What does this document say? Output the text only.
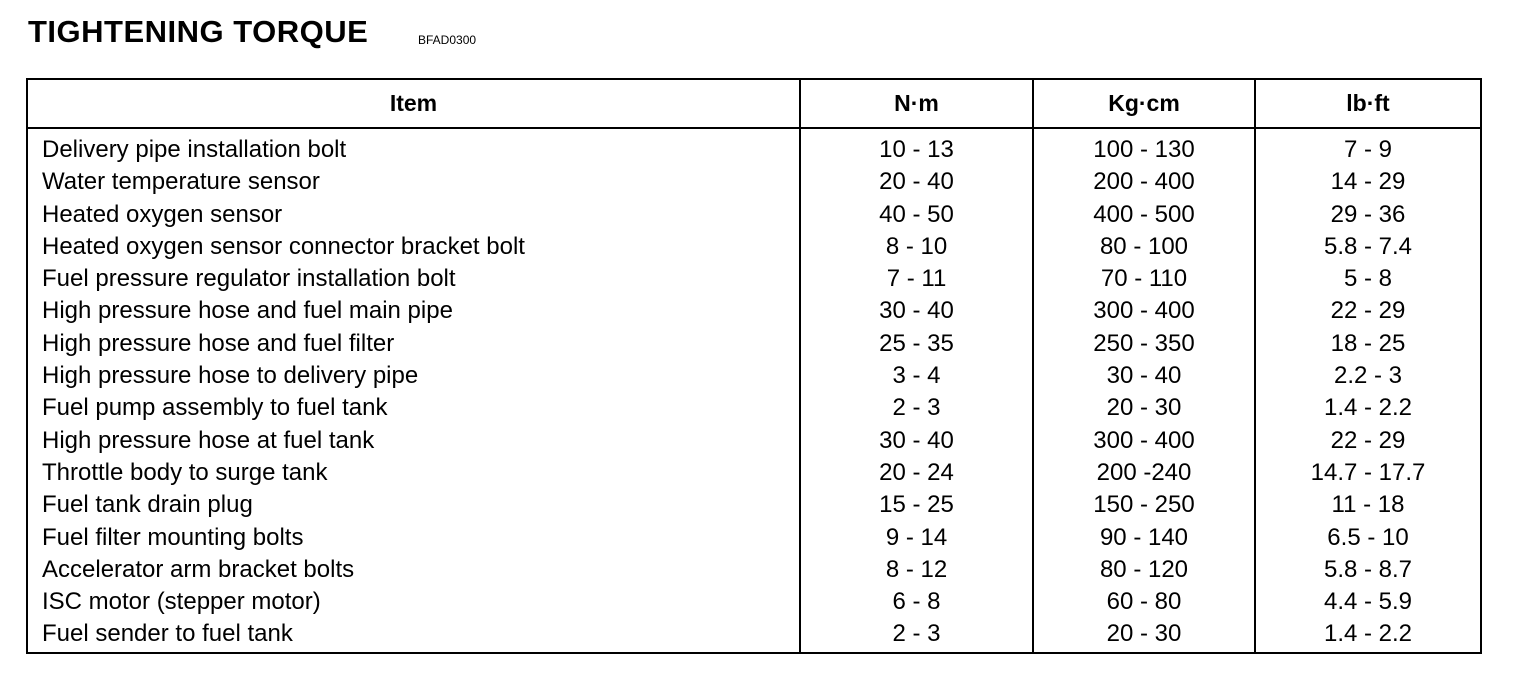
TIGHTENING TORQUE	BFAD0300
Item	N·m	Kg·cm	lb·ft
Delivery pipe installation bolt	10 - 13	100 - 130	7 - 9
Water temperature sensor	20 - 40	200 - 400	14 - 29
Heated oxygen sensor	40 - 50	400 - 500	29 - 36
Heated oxygen sensor connector bracket bolt	8 - 10	80 - 100	5.8 - 7.4
Fuel pressure regulator installation bolt	7 - 11	70 - 110	5 - 8
High pressure hose and fuel main pipe	30 - 40	300 - 400	22 - 29
High pressure hose and fuel filter	25 - 35	250 - 350	18 - 25
High pressure hose to delivery pipe	3 - 4	30 - 40	2.2 - 3
Fuel pump assembly to fuel tank	2 - 3	20 - 30	1.4 - 2.2
High pressure hose at fuel tank	30 - 40	300 - 400	22 - 29
Throttle body to surge tank	20 - 24	200 -240	14.7 - 17.7
Fuel tank drain plug	15 - 25	150 - 250	11 - 18
Fuel filter mounting bolts	9 - 14	90 - 140	6.5 - 10
Accelerator arm bracket bolts	8 - 12	80 - 120	5.8 - 8.7
ISC motor (stepper motor)	6 - 8	60 - 80	4.4 - 5.9
Fuel sender to fuel tank	2 - 3	20 - 30	1.4 - 2.2
